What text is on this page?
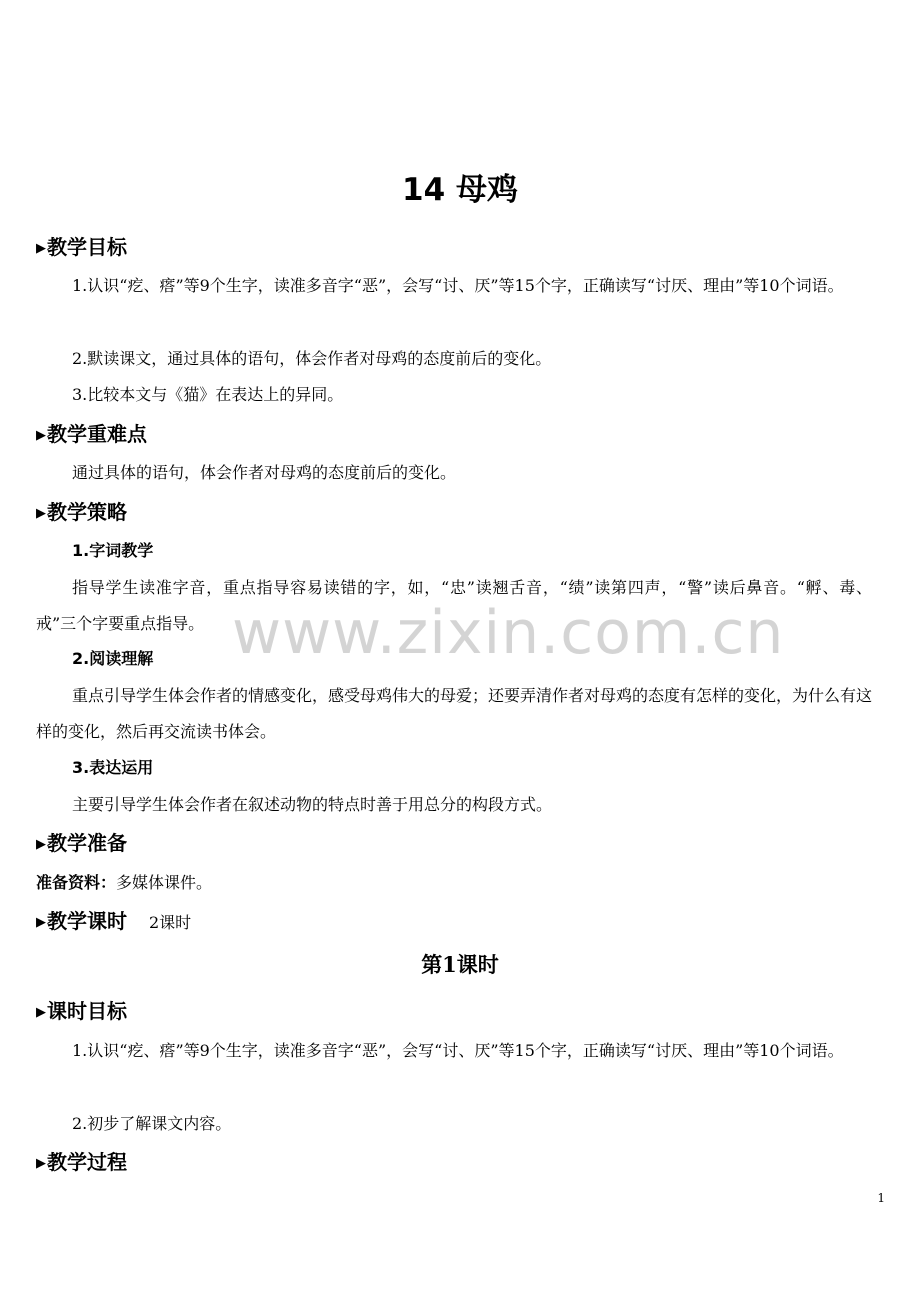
www.zixin.com.cn
14 母鸡
▶教学目标

1.认识“疙、瘩”等9个生字，读准多音字“恶”，会写“讨、厌”等15个字，正确读写“讨厌、理由”等10个词语。

2.默读课文，通过具体的语句，体会作者对母鸡的态度前后的变化。

3.比较本文与《猫》在表达上的异同。

▶教学重难点

通过具体的语句，体会作者对母鸡的态度前后的变化。

▶教学策略
1.字词教学

指导学生读准字音，重点指导容易读错的字，如，“忠”读翘舌音，“绩”读第四声，“警”读后鼻音。“孵、毒、戒”三个字要重点指导。

2.阅读理解

重点引导学生体会作者的情感变化，感受母鸡伟大的母爱；还要弄清作者对母鸡的态度有怎样的变化，为什么有这样的变化，然后再交流读书体会。

3.表达运用

主要引导学生体会作者在叙述动物的特点时善于用总分的构段方式。

▶教学准备

准备资料：多媒体课件。

▶教学课时 2课时
第1课时
▶课时目标

1.认识“疙、瘩”等9个生字，读准多音字“恶”，会写“讨、厌”等15个字，正确读写“讨厌、理由”等10个词语。

2.初步了解课文内容。

▶教学过程
1
